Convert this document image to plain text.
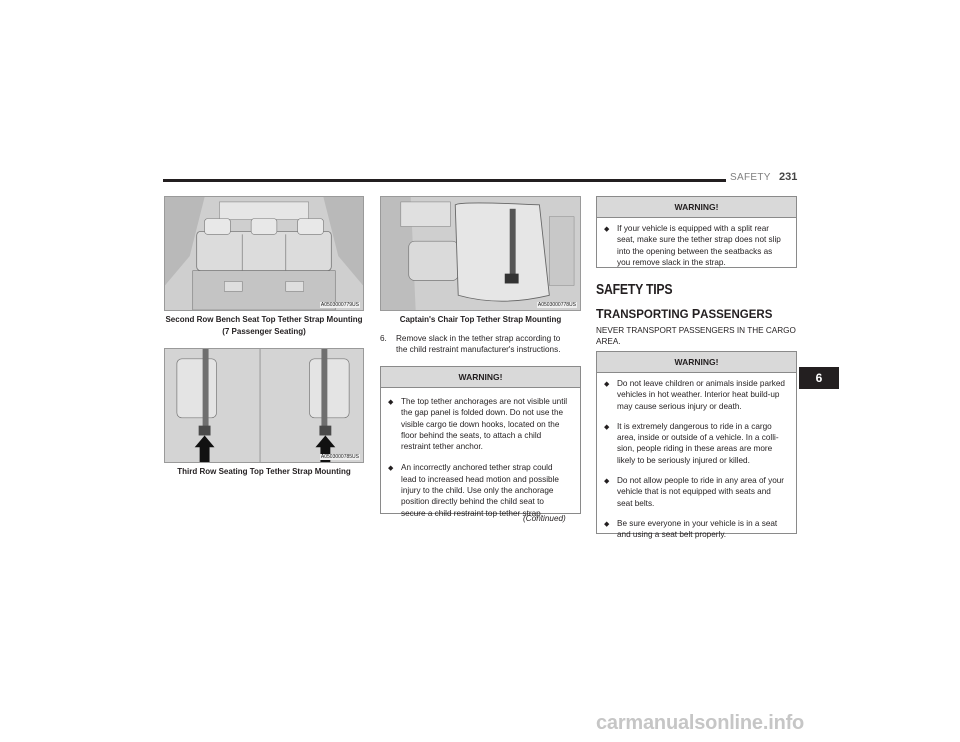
SAFETY 231
A0503000779US
Second Row Bench Seat Top Tether Strap Mounting
(7 Passenger Seating)
A0503000785US
Third Row Seating Top Tether Strap Mounting
A0503000778US
Captain's Chair Top Tether Strap Mounting
6.	Remove slack in the tether strap according to
the child restraint manufacturer's instructions.
WARNING!
◆ The top tether anchorages are not visible until
the gap panel is folded down. Do not use the
visible cargo tie down hooks, located on the
floor behind the seats, to attach a child
restraint tether anchor.
◆ An incorrectly anchored tether strap could
lead to increased head motion and possible
injury to the child. Use only the anchorage
position directly behind the child seat to
secure a child restraint top tether strap.
(Continued)
WARNING!
◆ If your vehicle is equipped with a split rear
seat, make sure the tether strap does not slip
into the opening between the seatbacks as
you remove slack in the strap.
SAFETY TIPS
TRANSPORTING PASSENGERS
NEVER TRANSPORT PASSENGERS IN THE CARGO
AREA.
WARNING!
◆ Do not leave children or animals inside parked
vehicles in hot weather. Interior heat build-up
may cause serious injury or death.
◆ It is extremely dangerous to ride in a cargo
area, inside or outside of a vehicle. In a colli-
sion, people riding in these areas are more
likely to be seriously injured or killed.
◆ Do not allow people to ride in any area of your
vehicle that is not equipped with seats and
seat belts.
◆ Be sure everyone in your vehicle is in a seat
and using a seat belt properly.
6
carmanualsonline.info
